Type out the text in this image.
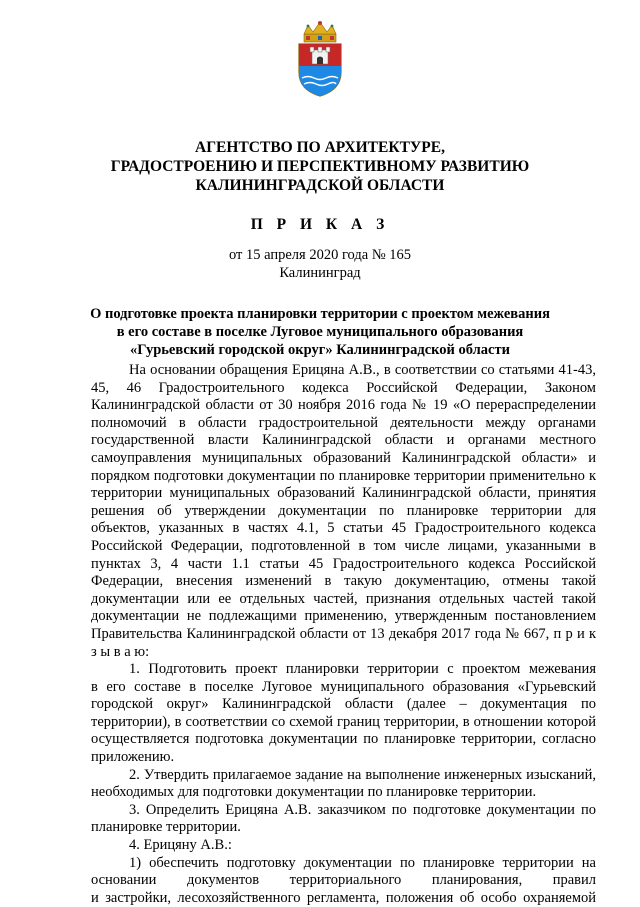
АГЕНТСТВО ПО АРХИТЕКТУРЕ,
ГРАДОСТРОЕНИЮ И ПЕРСПЕКТИВНОМУ РАЗВИТИЮ
КАЛИНИНГРАДСКОЙ ОБЛАСТИ
П Р И К А З
от 15 апреля 2020 года № 165
Калининград
О подготовке проекта планировки территории с проектом межевания
в его составе в поселке Луговое муниципального образования
«Гурьевский городской округ» Калининградской области
На основании обращения Ерицяна А.В., в соответствии со статьями 41-43,
45, 46 Градостроительного кодекса Российской Федерации, Законом
Калининградской области от 30 ноября 2016 года № 19 «О перераспределении
полномочий в области градостроительной деятельности между органами
государственной власти Калининградской области и органами местного
самоуправления муниципальных образований Калининградской области» и
порядком подготовки документации по планировке территории применительно к
территории муниципальных образований Калининградской области, принятия
решения об утверждении документации по планировке территории для
объектов, указанных в частях 4.1, 5 статьи 45 Градостроительного кодекса
Российской Федерации, подготовленной в том числе лицами, указанными в
пунктах 3, 4 части 1.1 статьи 45 Градостроительного кодекса Российской
Федерации, внесения изменений в такую документацию, отмены такой
документации или ее отдельных частей, признания отдельных частей такой
документации не подлежащими применению, утвержденным постановлением
Правительства Калининградской области от 13 декабря 2017 года № 667, п р и к
з ы в а ю:
1. Подготовить проект планировки территории с проектом межевания
в его составе в поселке Луговое муниципального образования «Гурьевский
городской округ» Калининградской области (далее – документация по
территории), в соответствии со схемой границ территории, в отношении которой
осуществляется подготовка документации по планировке территории, согласно
приложению.
2. Утвердить прилагаемое задание на выполнение инженерных изысканий,
необходимых для подготовки документации по планировке территории.
3. Определить Ерицяна А.В. заказчиком по подготовке документации по
планировке территории.
4. Ерицяну А.В.:
1) обеспечить подготовку документации по планировке территории на
основании документов территориального планирования, правил
и застройки, лесохозяйственного регламента, положения об особо охраняемой
